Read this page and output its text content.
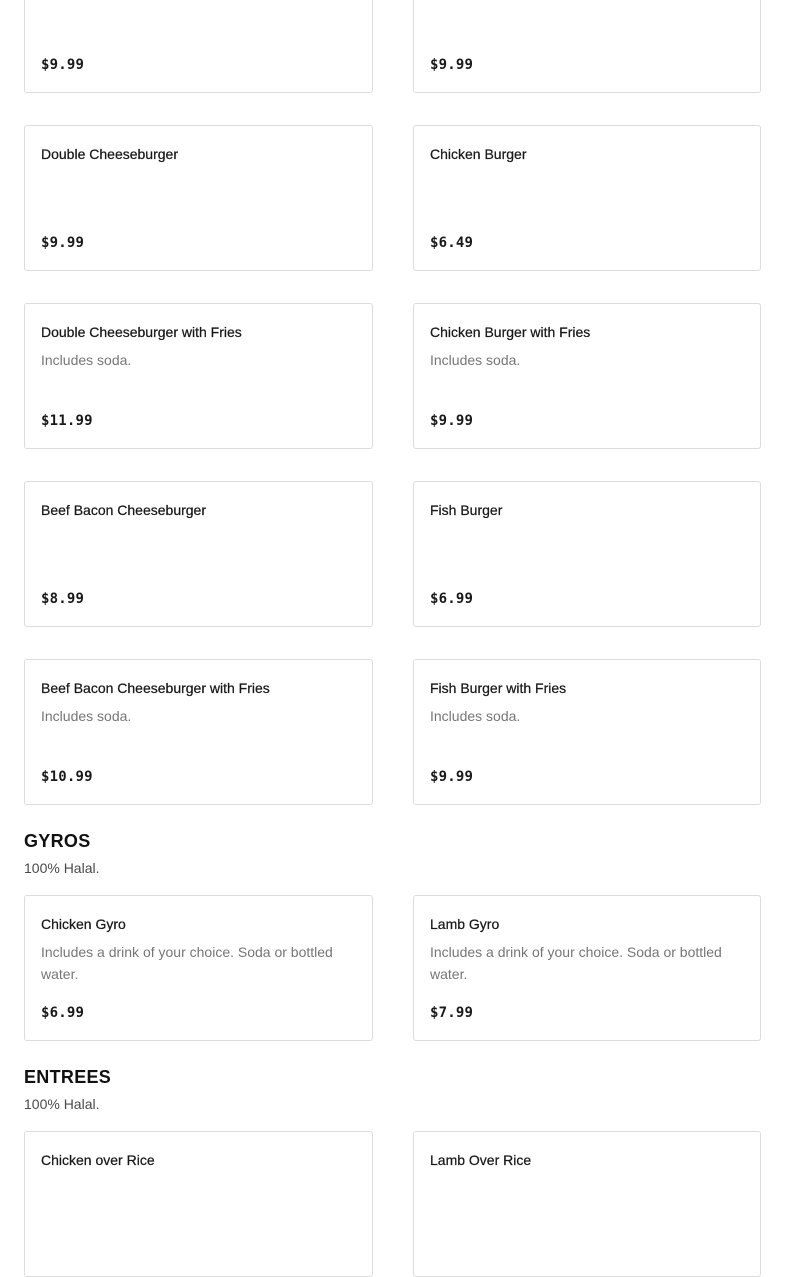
$9.99	$9.99
Double Cheeseburger
$9.99
Chicken Burger
$6.49
Double Cheeseburger with Fries
Includes soda.
$11.99
Chicken Burger with Fries
Includes soda.
$9.99
Beef Bacon Cheeseburger
$8.99
Fish Burger
$6.99
Beef Bacon Cheeseburger with Fries
Includes soda.
$10.99
Fish Burger with Fries
Includes soda.
$9.99
GYROS
100% Halal.
Chicken Gyro
Includes a drink of your choice. Soda or bottled water.
$6.99
Lamb Gyro
Includes a drink of your choice. Soda or bottled water.
$7.99
ENTREES
100% Halal.
Chicken over Rice	Lamb Over Rice
